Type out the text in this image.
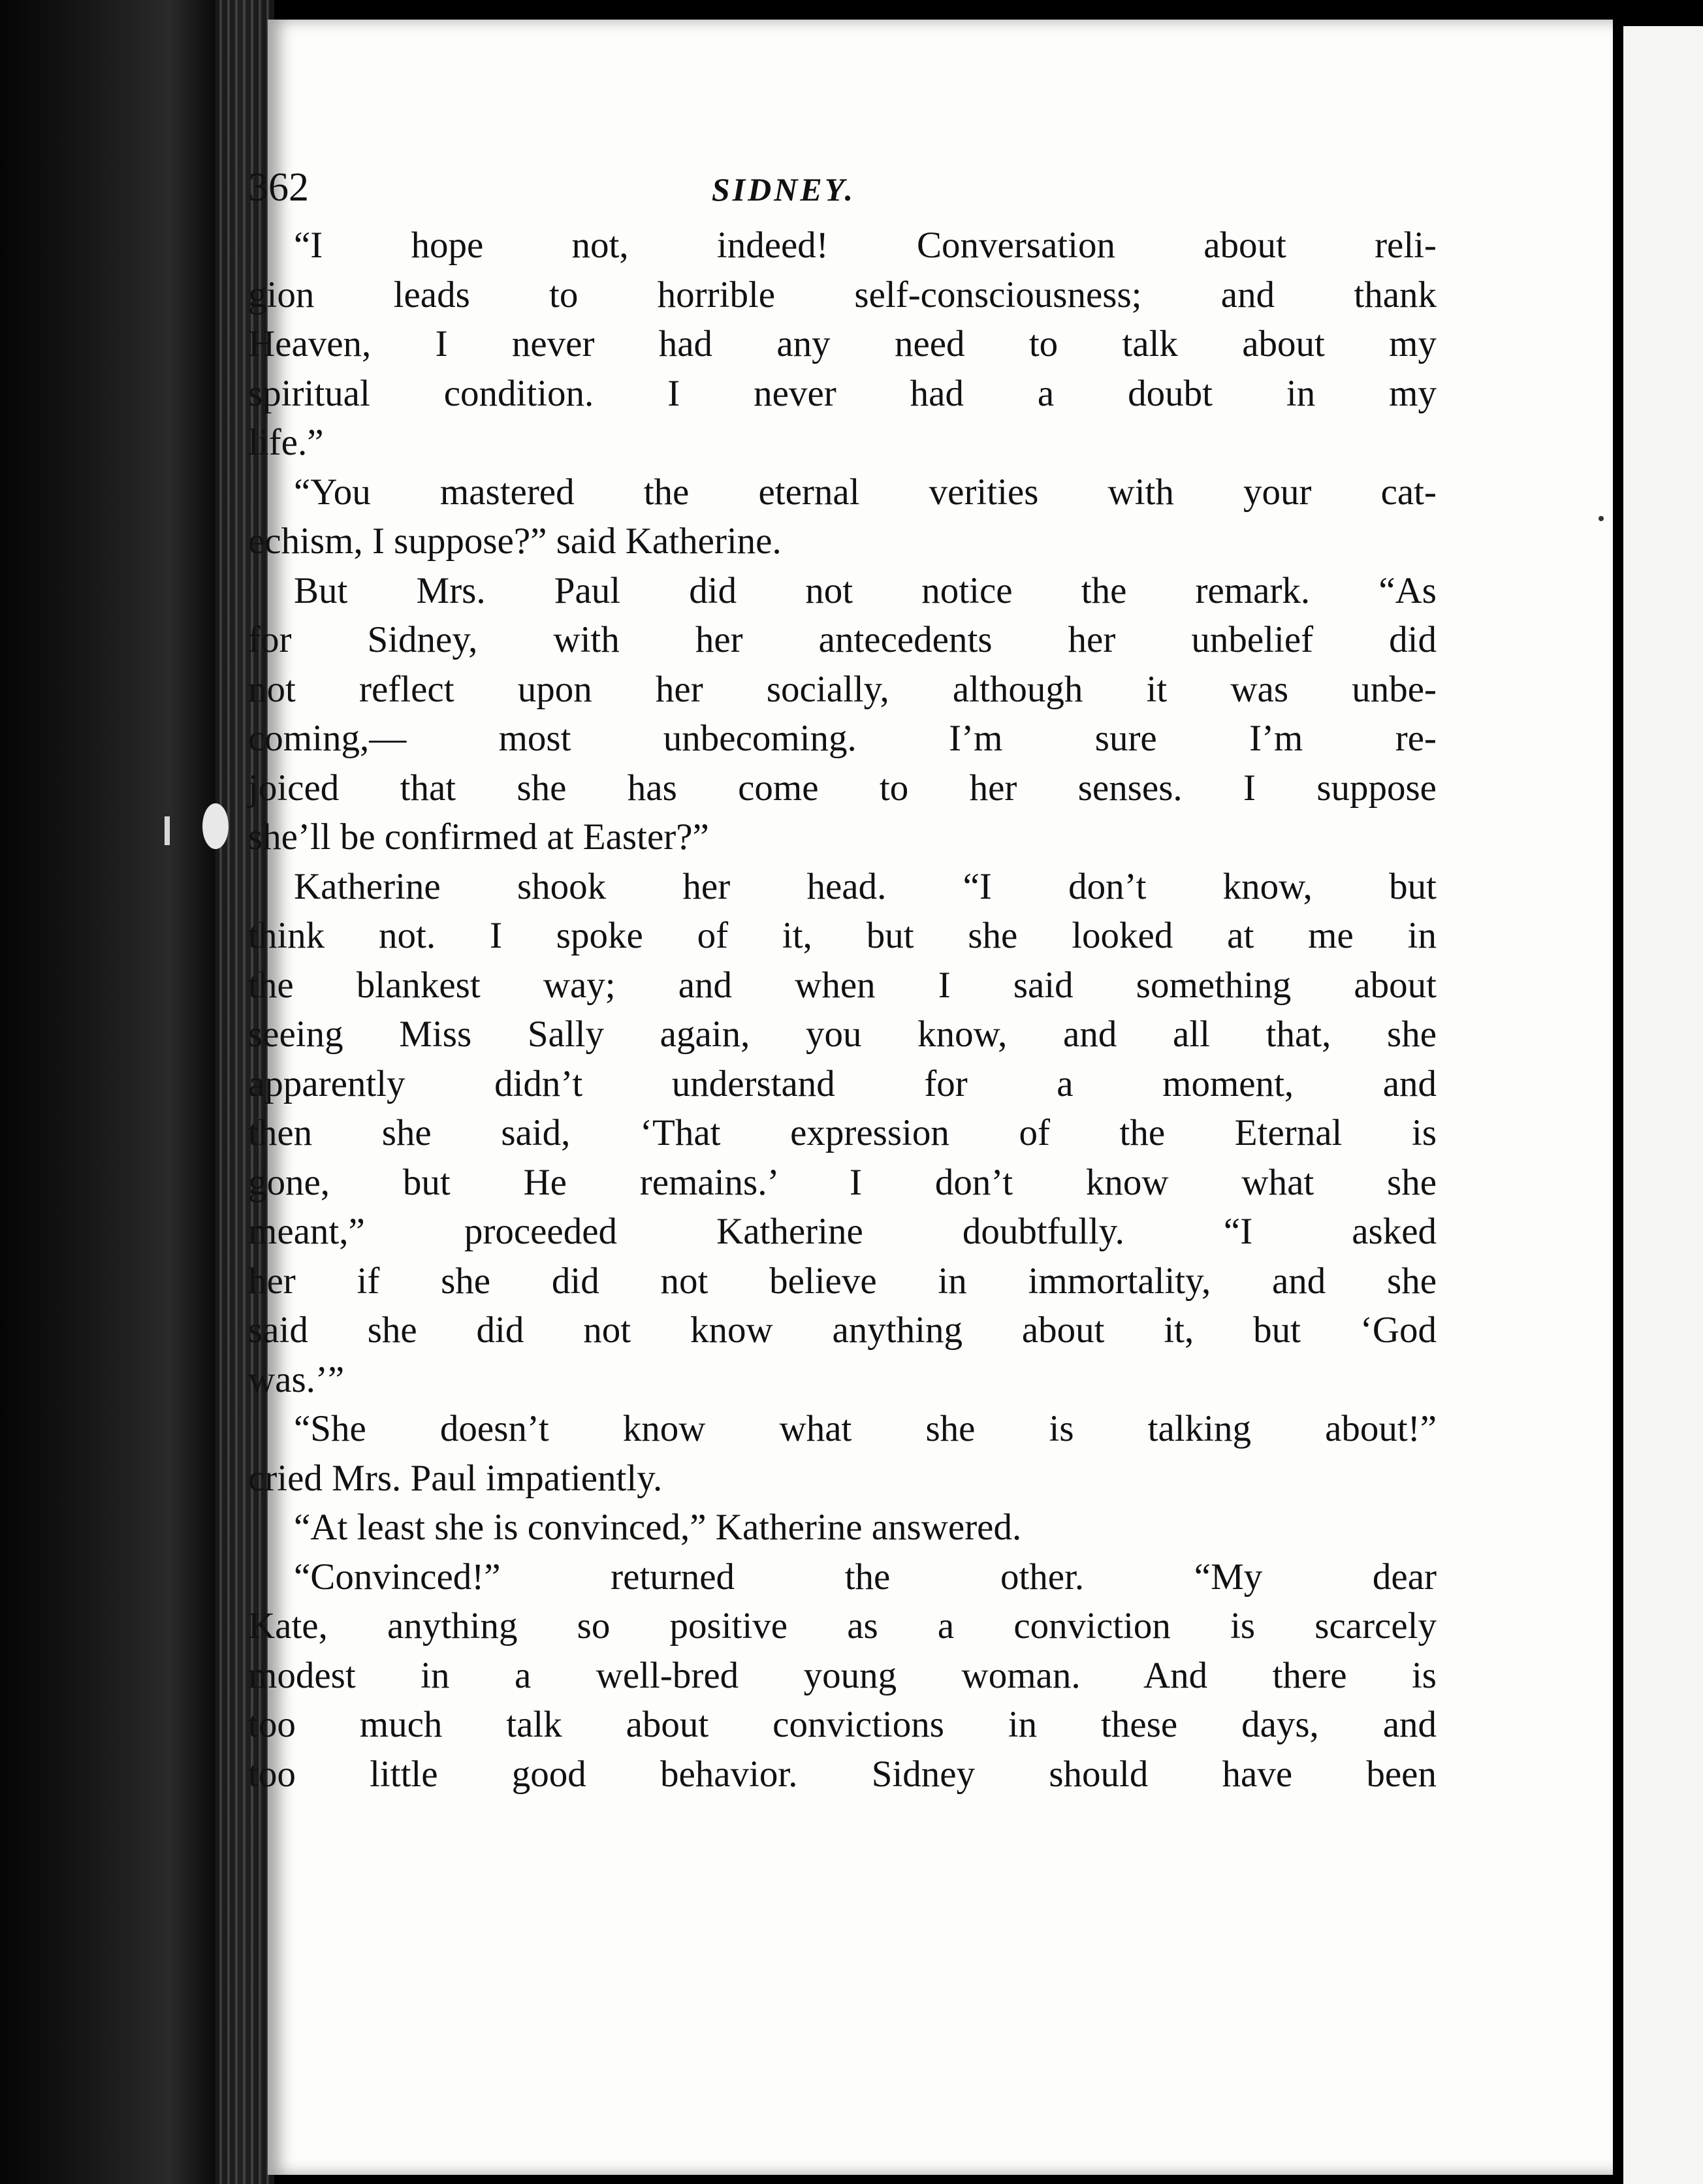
362	SIDNEY.
“I hope not, indeed! Conversation about reli-
gion leads to horrible self-consciousness; and thank
Heaven, I never had any need to talk about my
spiritual condition. I never had a doubt in my
life.”
“You mastered the eternal verities with your cat-
echism, I suppose?” said Katherine.
But Mrs. Paul did not notice the remark. “As
for Sidney, with her antecedents her unbelief did
not reflect upon her socially, although it was unbe-
coming,— most unbecoming. I’m sure I’m re-
joiced that she has come to her senses. I suppose
she’ll be confirmed at Easter?”
Katherine shook her head. “I don’t know, but
think not. I spoke of it, but she looked at me in
the blankest way; and when I said something about
seeing Miss Sally again, you know, and all that, she
apparently didn’t understand for a moment, and
then she said, ‘That expression of the Eternal is
gone, but He remains.’ I don’t know what she
meant,” proceeded Katherine doubtfully. “I asked
her if she did not believe in immortality, and she
said she did not know anything about it, but ‘God
was.’”
“She doesn’t know what she is talking about!”
cried Mrs. Paul impatiently.
“At least she is convinced,” Katherine answered.
“Convinced!” returned the other. “My dear
Kate, anything so positive as a conviction is scarcely
modest in a well-bred young woman. And there is
too much talk about convictions in these days, and
too little good behavior. Sidney should have been
